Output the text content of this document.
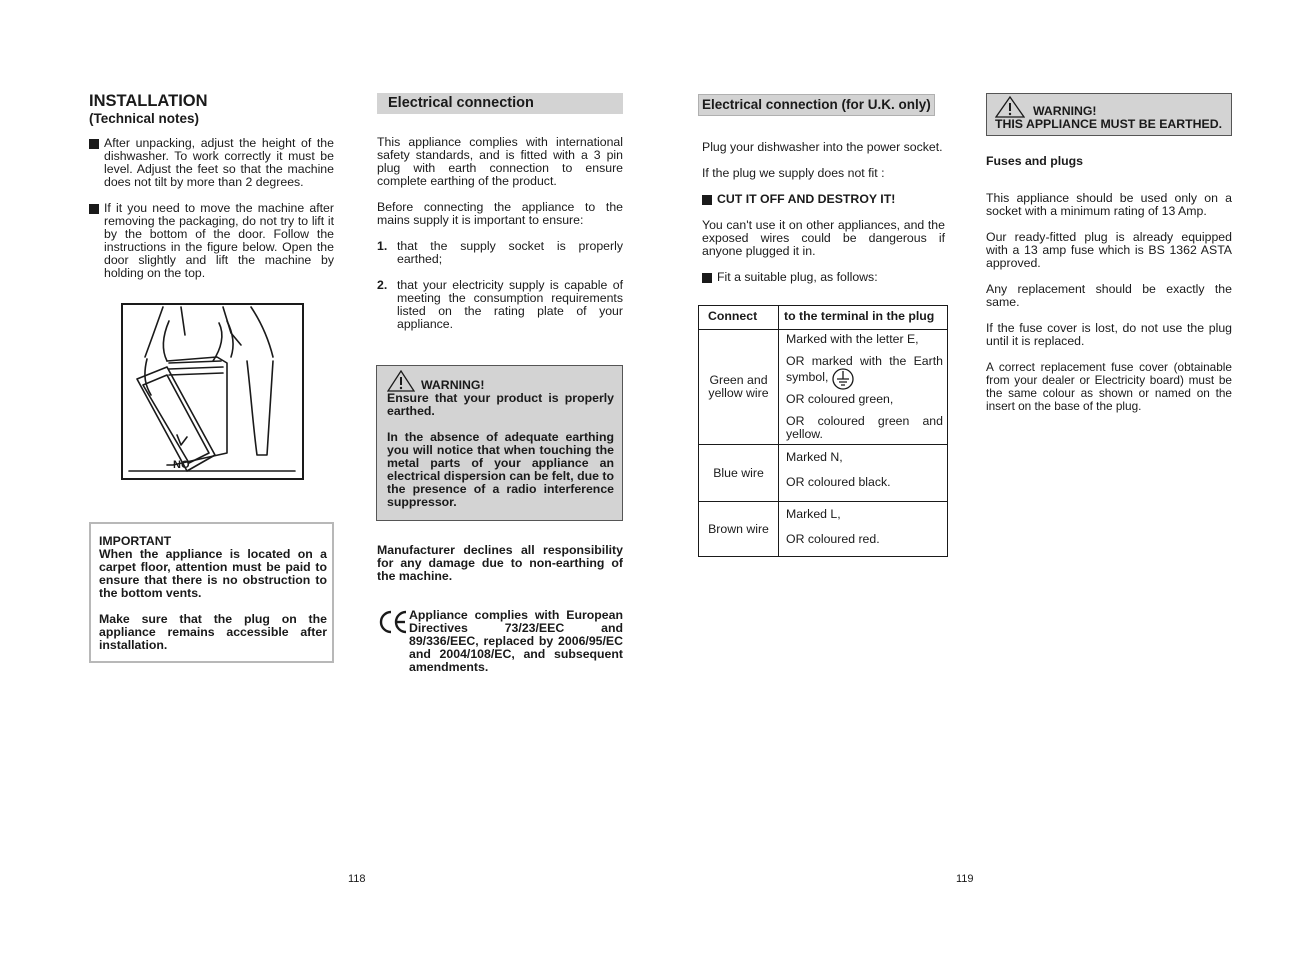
INSTALLATION
(Technical notes)
After unpacking, adjust the height of the dishwasher. To work correctly it must be level. Adjust the feet so that the machine does not tilt by more than 2 degrees.
If it you need to move the machine after removing the packaging, do not try to lift it by the bottom of the door. Follow the instructions in the figure below. Open the door slightly and lift the machine by holding on the top.
NO

IMPORTANT

When the appliance is located on a carpet floor, attention must be paid to ensure that there is no obstruction to the bottom vents.

Make sure that the plug on the appliance remains accessible after installation.

Electrical connection

This appliance complies with international safety standards, and is fitted with a 3 pin plug with earth connection to ensure complete earthing of the product.

Before connecting the appliance to the mains supply it is important to ensure:

1. that the supply socket is properly earthed;
2. that your electricity supply is capable of meeting the consumption requirements listed on the rating plate of your appliance.
WARNING!

Ensure that your product is properly earthed.

In the absence of adequate earthing you will notice that when touching the metal parts of your appliance an electrical dispersion can be felt, due to the presence of a radio interference suppressor.

Manufacturer declines all responsibility for any damage due to non-earthing of the machine.

Appliance complies with European Directives 73/23/EEC and 89/336/EEC, replaced by 2006/95/EC and 2004/108/EC, and subsequent amendments.

118
Electrical connection (for U.K. only)

Plug your dishwasher into the power socket.

If the plug we supply does not fit :

CUT IT OFF AND DESTROY IT!

You can't use it on other appliances, and the exposed wires could be dangerous if anyone plugged it in.

Fit a suitable plug, as follows:
Connect	to the terminal in the plug
Green and yellow wire	Marked with the letter E,

OR marked with the Earth symbol,

OR coloured green,

OR coloured green and yellow.

Blue wire	Marked N,

OR coloured black.

Brown wire	Marked L,

OR coloured red.

WARNING!

THIS APPLIANCE MUST BE EARTHED.

Fuses and plugs

This appliance should be used only on a socket with a minimum rating of 13 Amp.

Our ready-fitted plug is already equipped with a 13 amp fuse which is BS 1362 ASTA approved.

Any replacement should be exactly the same.

If the fuse cover is lost, do not use the plug until it is replaced.

A correct replacement fuse cover (obtainable from your dealer or Electricity board) must be the same colour as shown or named on the insert on the base of the plug.

119
